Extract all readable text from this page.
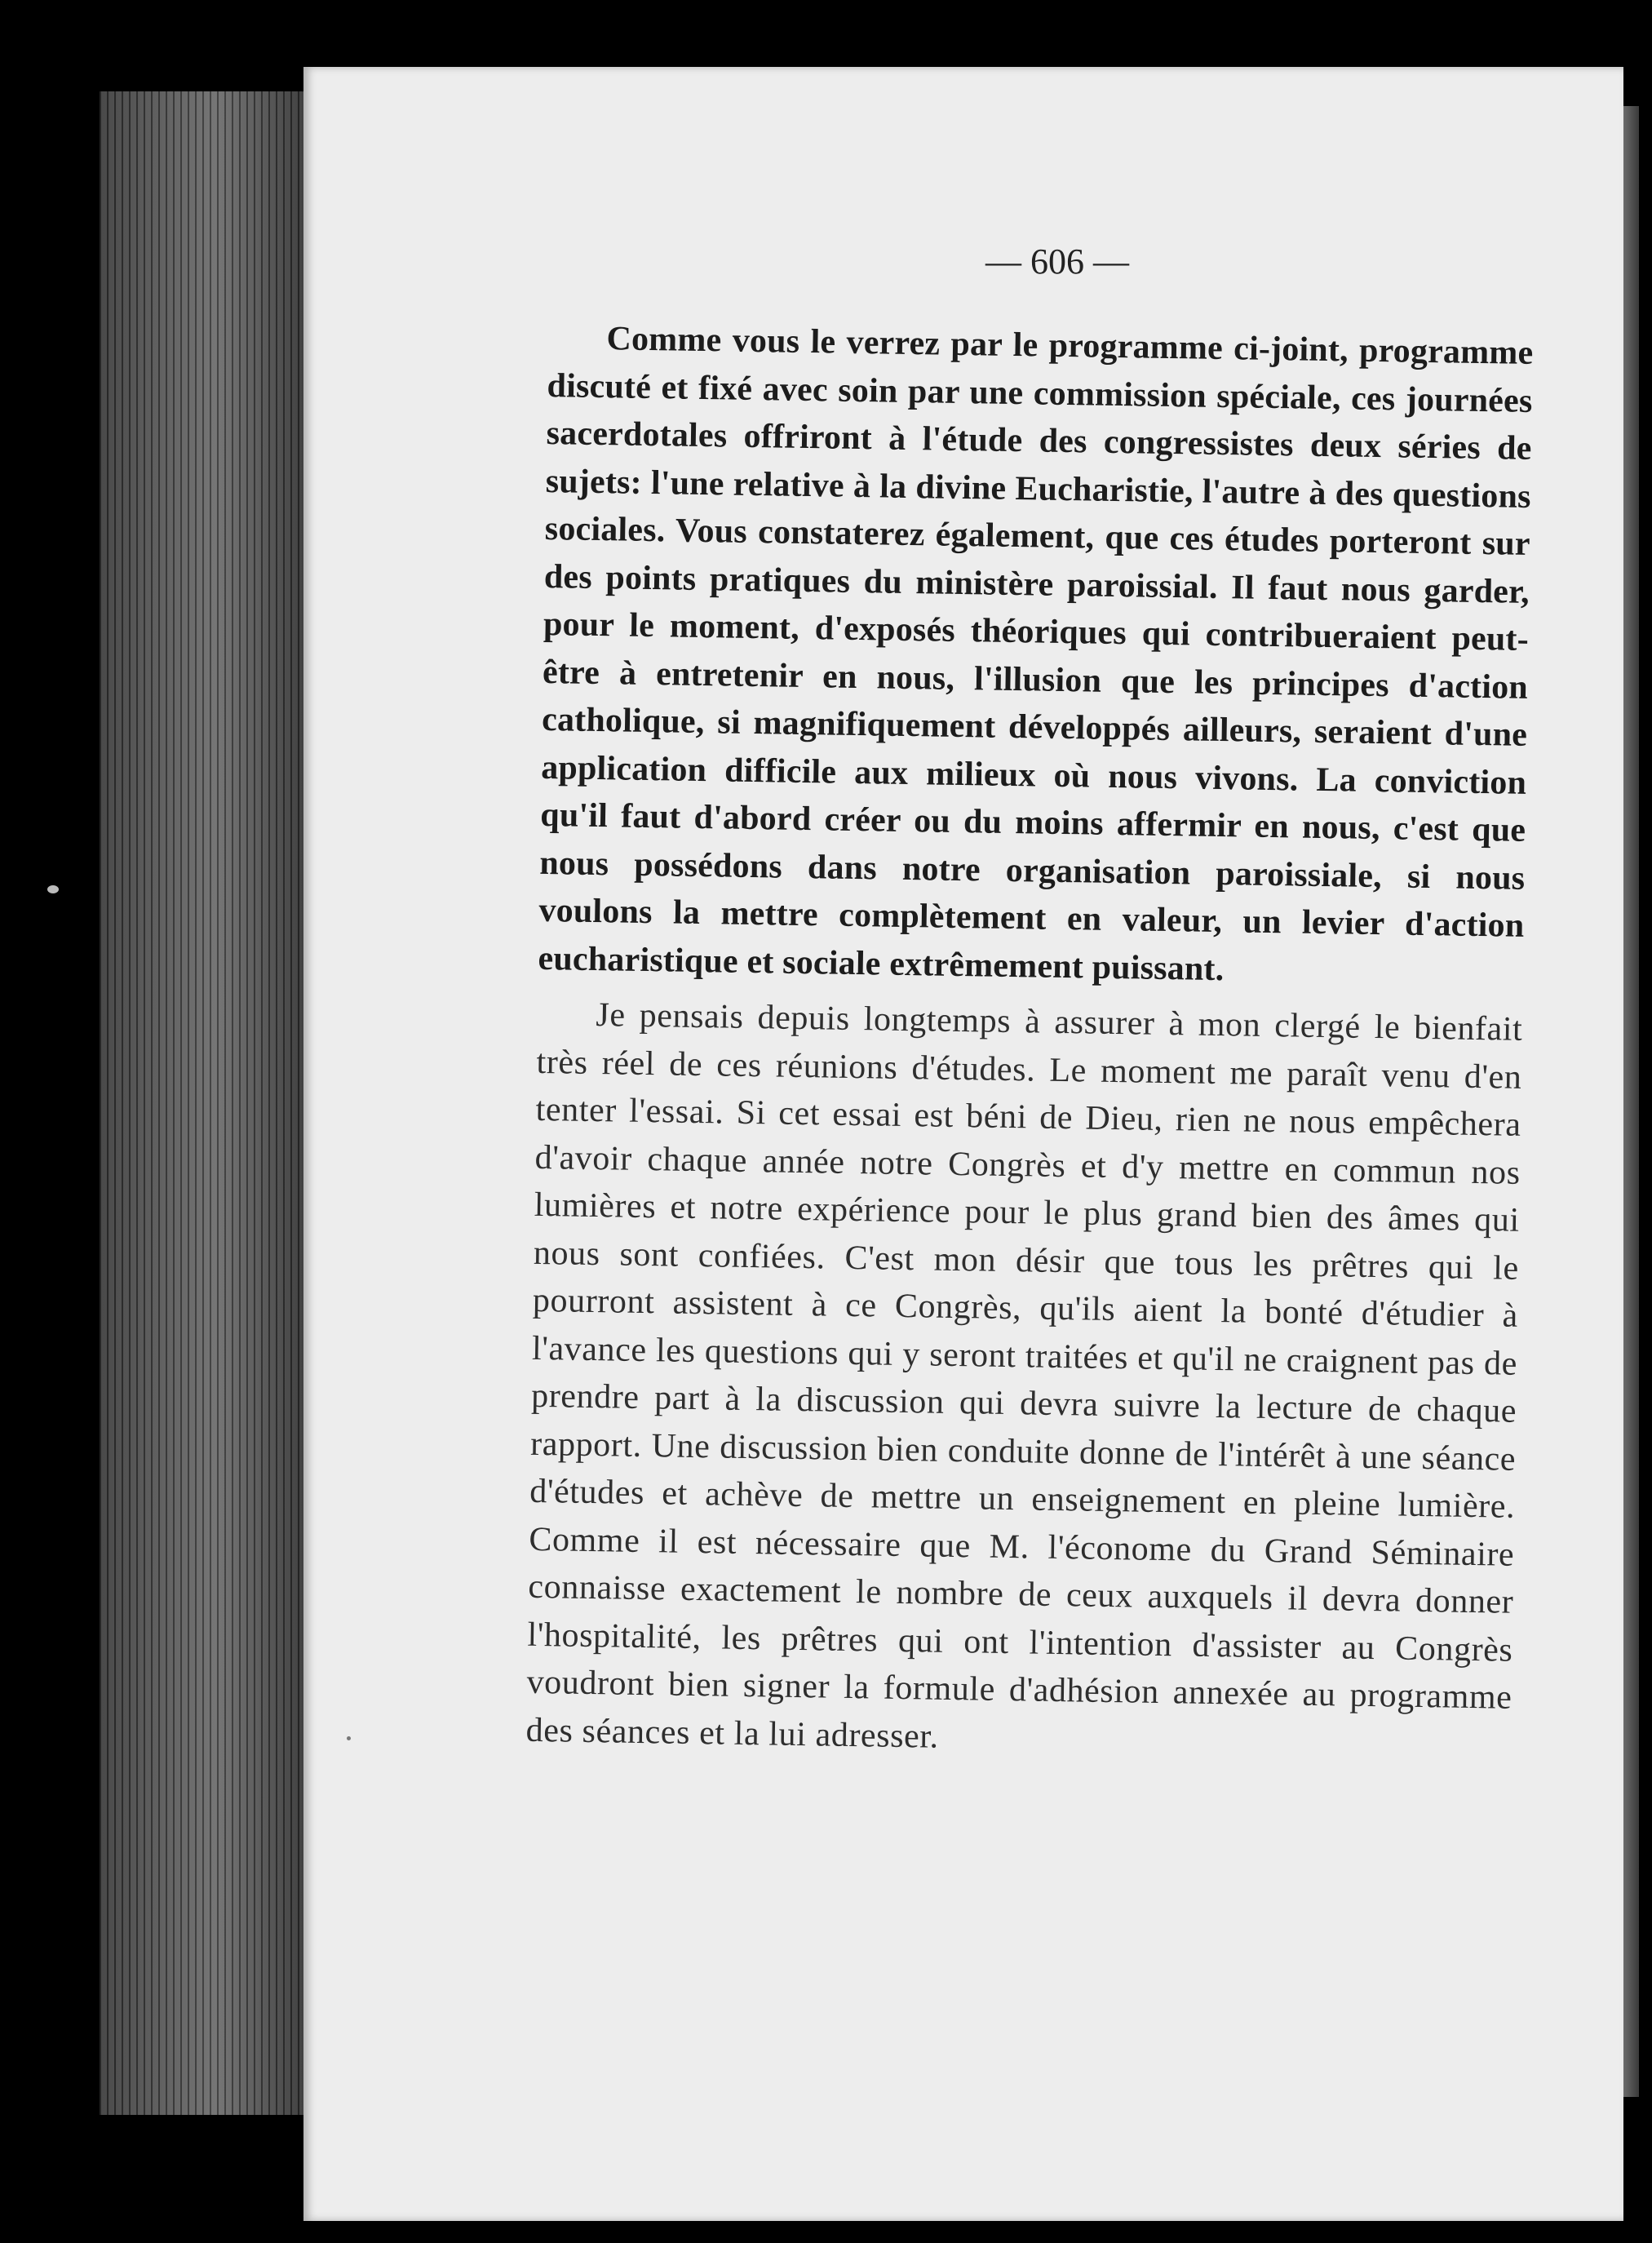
— 606 —

Comme vous le verrez par le programme ci-joint, programme discuté et fixé avec soin par une commission spéciale, ces journées sacerdotales offriront à l'étude des congressistes deux séries de sujets: l'une relative à la divine Eucharistie, l'autre à des questions sociales. Vous constaterez également, que ces études porteront sur des points pratiques du ministère paroissial. Il faut nous garder, pour le moment, d'exposés théoriques qui contribueraient peut-être à entretenir en nous, l'illusion que les principes d'action catholique, si magnifiquement développés ailleurs, seraient d'une application difficile aux milieux où nous vivons. La conviction qu'il faut d'abord créer ou du moins affermir en nous, c'est que nous possédons dans notre organisation paroissiale, si nous voulons la mettre complètement en valeur, un levier d'action eucharistique et sociale extrêmement puissant.

Je pensais depuis longtemps à assurer à mon clergé le bienfait très réel de ces réunions d'études. Le moment me paraît venu d'en tenter l'essai. Si cet essai est béni de Dieu, rien ne nous empêchera d'avoir chaque année notre Congrès et d'y mettre en commun nos lumières et notre expérience pour le plus grand bien des âmes qui nous sont confiées. C'est mon désir que tous les prêtres qui le pourront assistent à ce Congrès, qu'ils aient la bonté d'étudier à l'avance les questions qui y seront traitées et qu'il ne craignent pas de prendre part à la discussion qui devra suivre la lecture de chaque rapport. Une discussion bien conduite donne de l'intérêt à une séance d'études et achève de mettre un enseignement en pleine lumière. Comme il est nécessaire que M. l'économe du Grand Séminaire connaisse exactement le nombre de ceux auxquels il devra donner l'hospitalité, les prêtres qui ont l'intention d'assister au Congrès voudront bien signer la formule d'adhésion annexée au programme des séances et la lui adresser.
